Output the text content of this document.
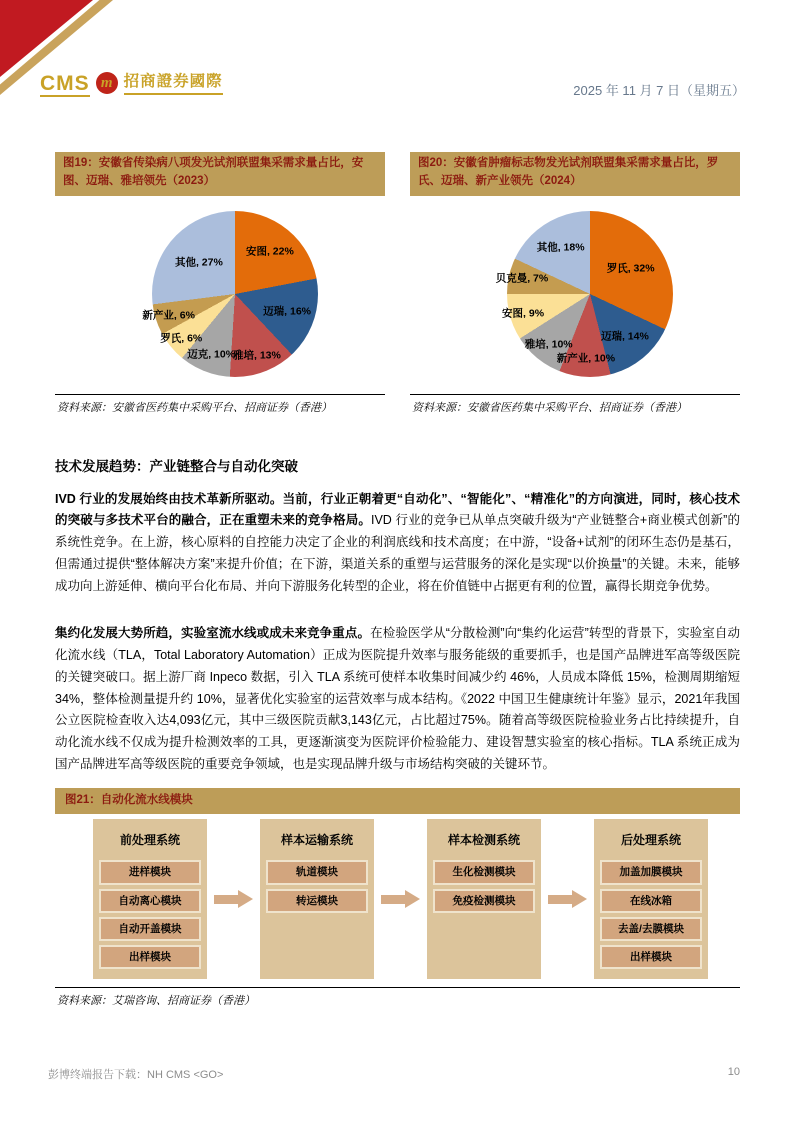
CMS m 招商證券國際
2025 年 11 月 7 日（星期五）
图19：安徽省传染病八项发光试剂联盟集采需求量占比，安图、迈瑞、雅培领先（2023）
安图, 22%
迈瑞, 16%
雅培, 13%
迈克, 10%
罗氏, 6%
新产业, 6%
其他, 27%
资料来源：安徽省医药集中采购平台、招商证券（香港）
图20：安徽省肿瘤标志物发光试剂联盟集采需求量占比，罗氏、迈瑞、新产业领先（2024）
罗氏, 32%
迈瑞, 14%
新产业, 10%
雅培, 10%
安图, 9%
贝克曼, 7%
其他, 18%
资料来源：安徽省医药集中采购平台、招商证券（香港）
技术发展趋势：产业链整合与自动化突破

IVD 行业的发展始终由技术革新所驱动。当前，行业正朝着更“自动化”、“智能化”、“精准化”的方向演进，同时，核心技术的突破与多技术平台的融合，正在重塑未来的竞争格局。IVD 行业的竞争已从单点突破升级为“产业链整合+商业模式创新”的系统性竞争。在上游，核心原料的自控能力决定了企业的利润底线和技术高度；在中游，“设备+试剂”的闭环生态仍是基石，但需通过提供“整体解决方案”来提升价值；在下游，渠道关系的重塑与运营服务的深化是实现“以价换量”的关键。未来，能够成功向上游延伸、横向平台化布局、并向下游服务化转型的企业，将在价值链中占据更有利的位置，赢得长期竞争优势。

集约化发展大势所趋，实验室流水线或成未来竞争重点。在检验医学从“分散检测”向“集约化运营”转型的背景下，实验室自动化流水线（TLA，Total Laboratory Automation）正成为医院提升效率与服务能级的重要抓手，也是国产品牌进军高等级医院的关键突破口。据上游厂商 Inpeco 数据，引入 TLA 系统可使样本收集时间减少约 46%，人员成本降低 15%，检测周期缩短 34%，整体检测量提升约 10%，显著优化实验室的运营效率与成本结构。《2022 中国卫生健康统计年鉴》显示，2021年我国公立医院检查收入达4,093亿元，其中三级医院贡献3,143亿元，占比超过75%。随着高等级医院检验业务占比持续提升，自动化流水线不仅成为提升检测效率的工具，更逐渐演变为医院评价检验能力、建设智慧实验室的核心指标。TLA 系统正成为国产品牌进军高等级医院的重要竞争领域，也是实现品牌升级与市场结构突破的关键环节。

图21：自动化流水线模块
前处理系统
进样模块
自动离心模块
自动开盖模块
出样模块
样本运输系统
轨道模块
转运模块
样本检测系统
生化检测模块
免疫检测模块
后处理系统
加盖加膜模块
在线冰箱
去盖/去膜模块
出样模块
资料来源：艾瑞咨询、招商证券（香港）
彭博终端报告下载：NH CMS <GO>	10
